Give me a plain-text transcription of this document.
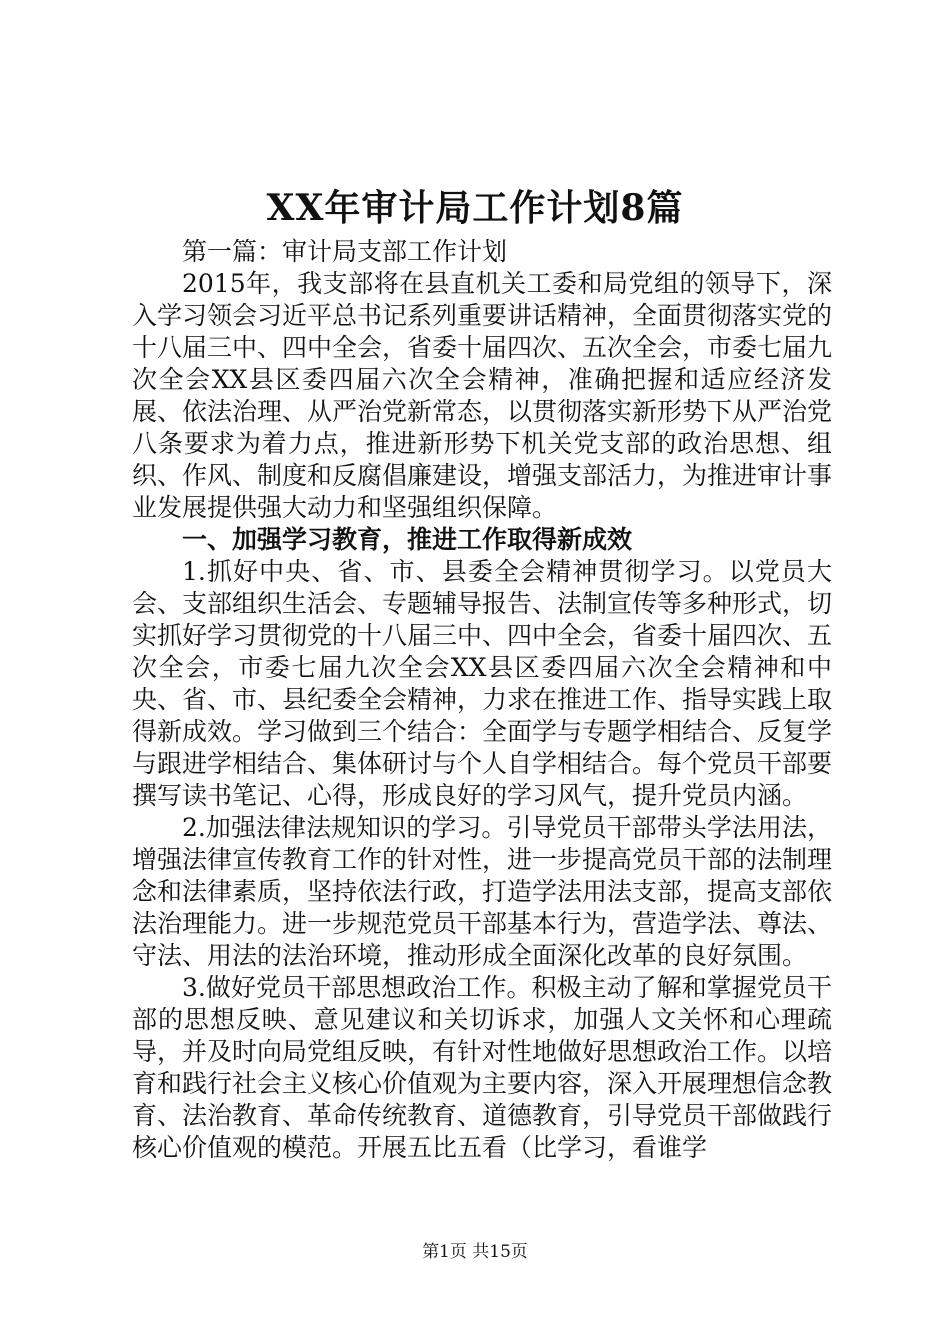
XX年审计局工作计划8篇

第一篇：审计局支部工作计划

2015年，我支部将在县直机关工委和局党组的领导下，深入学习领会习近平总书记系列重要讲话精神，全面贯彻落实党的十八届三中、四中全会，省委十届四次、五次全会，市委七届九次全会XX县区委四届六次全会精神，准确把握和适应经济发展、依法治理、从严治党新常态，以贯彻落实新形势下从严治党八条要求为着力点，推进新形势下机关党支部的政治思想、组织、作风、制度和反腐倡廉建设，增强支部活力，为推进审计事业发展提供强大动力和坚强组织保障。

一、加强学习教育，推进工作取得新成效

1.抓好中央、省、市、县委全会精神贯彻学习。以党员大会、支部组织生活会、专题辅导报告、法制宣传等多种形式，切实抓好学习贯彻党的十八届三中、四中全会，省委十届四次、五次全会，市委七届九次全会XX县区委四届六次全会精神和中央、省、市、县纪委全会精神，力求在推进工作、指导实践上取得新成效。学习做到三个结合：全面学与专题学相结合、反复学与跟进学相结合、集体研讨与个人自学相结合。每个党员干部要撰写读书笔记、心得，形成良好的学习风气，提升党员内涵。

2.加强法律法规知识的学习。引导党员干部带头学法用法，增强法律宣传教育工作的针对性，进一步提高党员干部的法制理念和法律素质，坚持依法行政，打造学法用法支部，提高支部依法治理能力。进一步规范党员干部基本行为，营造学法、尊法、守法、用法的法治环境，推动形成全面深化改革的良好氛围。

3.做好党员干部思想政治工作。积极主动了解和掌握党员干部的思想反映、意见建议和关切诉求，加强人文关怀和心理疏导，并及时向局党组反映，有针对性地做好思想政治工作。以培育和践行社会主义核心价值观为主要内容，深入开展理想信念教育、法治教育、革命传统教育、道德教育，引导党员干部做践行核心价值观的模范。开展五比五看（比学习，看谁学

第1页 共15页
